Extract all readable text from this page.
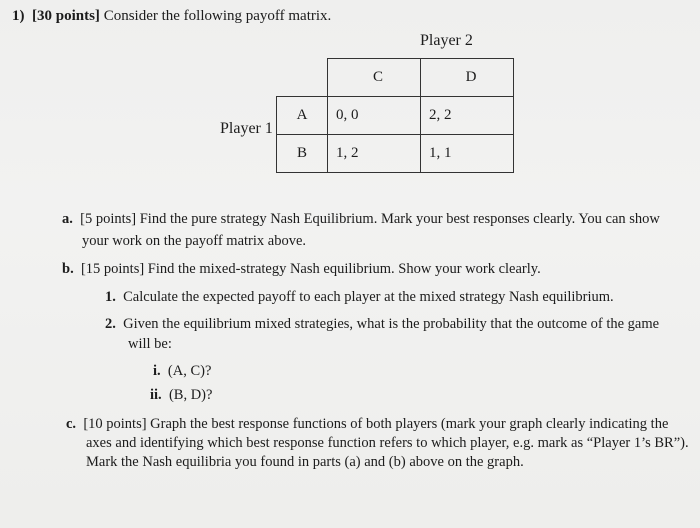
1) [30 points] Consider the following payoff matrix.
Player 2
Player 1
	C	D
A	0, 0	2, 2
B	1, 2	1, 1
a. [5 points] Find the pure strategy Nash Equilibrium. Mark your best responses clearly. You can show
your work on the payoff matrix above.
b. [15 points] Find the mixed-strategy Nash equilibrium. Show your work clearly.
1. Calculate the expected payoff to each player at the mixed strategy Nash equilibrium.
2. Given the equilibrium mixed strategies, what is the probability that the outcome of the game
will be:
i. (A, C)?
ii. (B, D)?
c. [10 points] Graph the best response functions of both players (mark your graph clearly indicating the
axes and identifying which best response function refers to which player, e.g. mark as “Player 1’s BR”).
Mark the Nash equilibria you found in parts (a) and (b) above on the graph.
